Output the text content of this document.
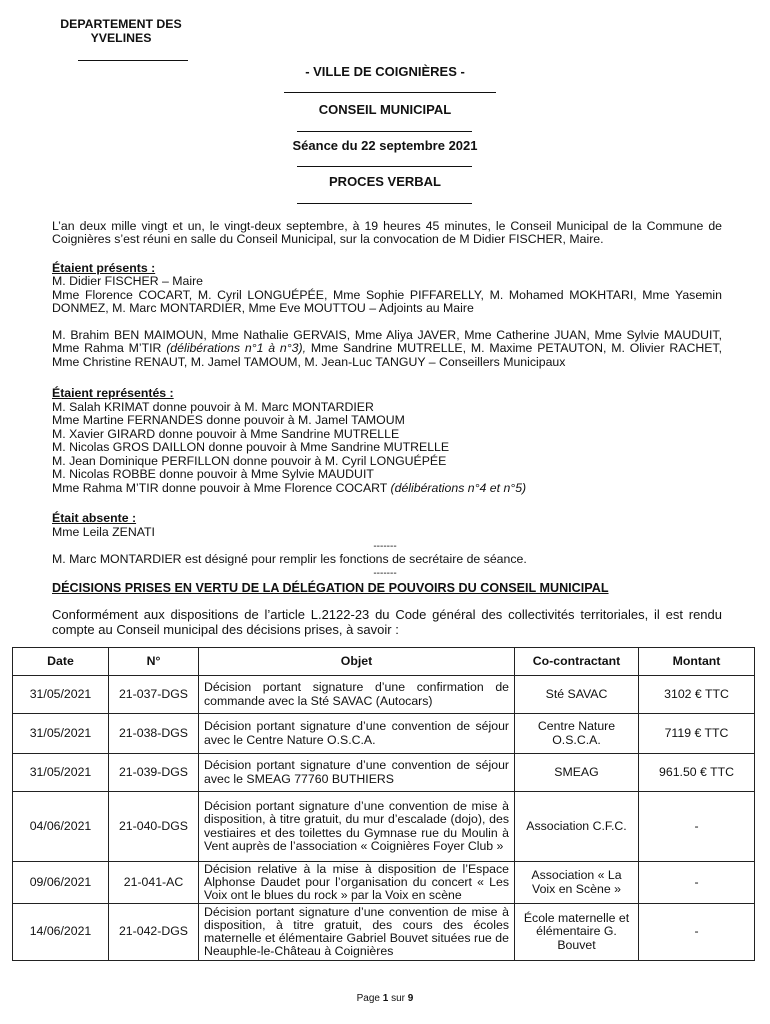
DEPARTEMENT DES YVELINES
- VILLE DE COIGNIÈRES -
CONSEIL MUNICIPAL
Séance du 22 septembre 2021
PROCES VERBAL
L’an deux mille vingt et un, le vingt-deux septembre, à 19 heures 45 minutes, le Conseil Municipal de la Commune de Coignières s’est réuni en salle du Conseil Municipal, sur la convocation de M Didier FISCHER, Maire.
Étaient présents :
M. Didier FISCHER – Maire
Mme Florence COCART, M. Cyril LONGUÉPÉE, Mme Sophie PIFFARELLY, M. Mohamed MOKHTARI, Mme Yasemin DONMEZ, M. Marc MONTARDIER, Mme Eve MOUTTOU – Adjoints au Maire
M. Brahim BEN MAIMOUN, Mme Nathalie GERVAIS, Mme Aliya JAVER, Mme Catherine JUAN, Mme Sylvie MAUDUIT, Mme Rahma M’TIR (délibérations n°1 à n°3), Mme Sandrine MUTRELLE, M. Maxime PETAUTON, M. Olivier RACHET, Mme Christine RENAUT, M. Jamel TAMOUM, M. Jean-Luc TANGUY – Conseillers Municipaux
Étaient représentés :
M. Salah KRIMAT donne pouvoir à M. Marc MONTARDIER
Mme Martine FERNANDES donne pouvoir à M. Jamel TAMOUM
M. Xavier GIRARD donne pouvoir à Mme Sandrine MUTRELLE
M. Nicolas GROS DAILLON donne pouvoir à Mme Sandrine MUTRELLE
M. Jean Dominique PERFILLON donne pouvoir à M. Cyril LONGUÉPÉE
M. Nicolas ROBBE donne pouvoir à Mme Sylvie MAUDUIT
Mme Rahma M’TIR donne pouvoir à Mme Florence COCART (délibérations n°4 et n°5)
Était absente :
Mme Leila ZENATI
-------
M. Marc MONTARDIER est désigné pour remplir les fonctions de secrétaire de séance.
-------
DÉCISIONS PRISES EN VERTU DE LA DÉLÉGATION DE POUVOIRS DU CONSEIL MUNICIPAL
Conformément aux dispositions de l’article L.2122-23 du Code général des collectivités territoriales, il est rendu compte au Conseil municipal des décisions prises, à savoir :
Date	N°	Objet	Co-contractant	Montant
31/05/2021	21-037-DGS	Décision portant signature d’une confirmation de commande avec la Sté SAVAC (Autocars)	Sté SAVAC	3102 € TTC
31/05/2021	21-038-DGS	Décision portant signature d’une convention de séjour avec le Centre Nature O.S.C.A.	Centre Nature O.S.C.A.	7119 € TTC
31/05/2021	21-039-DGS	Décision portant signature d’une convention de séjour avec le SMEAG 77760 BUTHIERS	SMEAG	961.50 € TTC
04/06/2021	21-040-DGS	Décision portant signature d’une convention de mise à disposition, à titre gratuit, du mur d’escalade (dojo), des vestiaires et des toilettes du Gymnase rue du Moulin à Vent auprès de l’association « Coignières Foyer Club »	Association C.F.C.	-
09/06/2021	21-041-AC	Décision relative à la mise à disposition de l’Espace Alphonse Daudet pour l’organisation du concert « Les Voix ont le blues du rock » par la Voix en scène	Association « La Voix en Scène »	-
14/06/2021	21-042-DGS	Décision portant signature d’une convention de mise à disposition, à titre gratuit, des cours des écoles maternelle et élémentaire Gabriel Bouvet situées rue de Neauphle-le-Château à Coignières	École maternelle et élémentaire G. Bouvet	-
Page 1 sur 9
